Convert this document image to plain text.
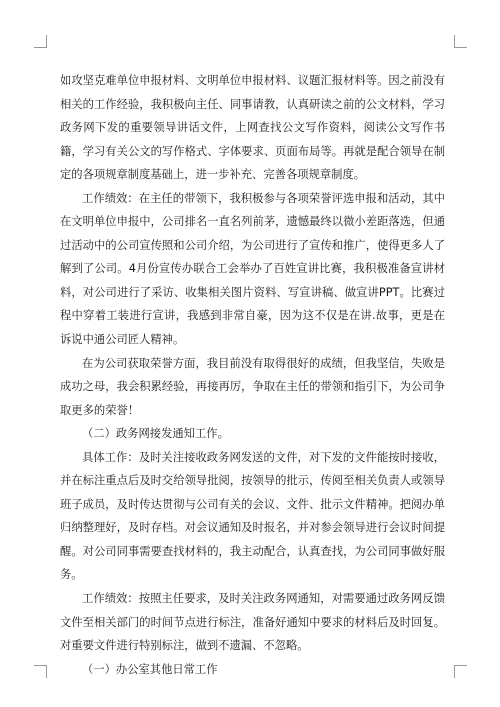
如攻坚克难单位申报材料、文明单位申报材料、议题汇报材料等。因之前没有相关的工作经验，我积极向主任、同事请教，认真研读之前的公文材料，学习政务网下发的重要领导讲话文件，上网查找公文写作资料，阅读公文写作书籍，学习有关公文的写作格式、字体要求、页面布局等。再就是配合领导在制定的各项规章制度基础上，进一步补充、完善各项规章制度。

工作绩效：在主任的带领下，我积极参与各项荣誉评选申报和活动，其中在文明单位申报中，公司排名一直名列前茅，遗憾最终以微小差距落选，但通过活动中的公司宣传照和公司介绍，为公司进行了宣传和推广，使得更多人了解到了公司。4月份宣传办联合工会举办了百姓宣讲比赛，我积极准备宣讲材料，对公司进行了采访、收集相关图片资料、写宣讲稿、做宣讲PPT。比赛过程中穿着工装进行宣讲，我感到非常自豪，因为这不仅是在讲.故事，更是在诉说中通公司匠人精神。

在为公司获取荣誉方面，我目前没有取得很好的成绩，但我坚信，失败是成功之母，我会积累经验，再接再厉，争取在主任的带领和指引下，为公司争取更多的荣誉！

（二）政务网接发通知工作。

具体工作：及时关注接收政务网发送的文件，对下发的文件能按时接收，并在标注重点后及时交给领导批阅，按领导的批示，传阅至相关负责人或领导班子成员，及时传达贯彻与公司有关的会议、文件、批示文件精神。把阅办单归纳整理好，及时存档。对会议通知及时报名，并对参会领导进行会议时间提醒。对公司同事需要查找材料的，我主动配合，认真查找，为公司同事做好服务。

工作绩效：按照主任要求，及时关注政务网通知，对需要通过政务网反馈文件至相关部门的时间节点进行标注，准备好通知中要求的材料后及时回复。对重要文件进行特别标注，做到不遗漏、不忽略。

（一）办公室其他日常工作
